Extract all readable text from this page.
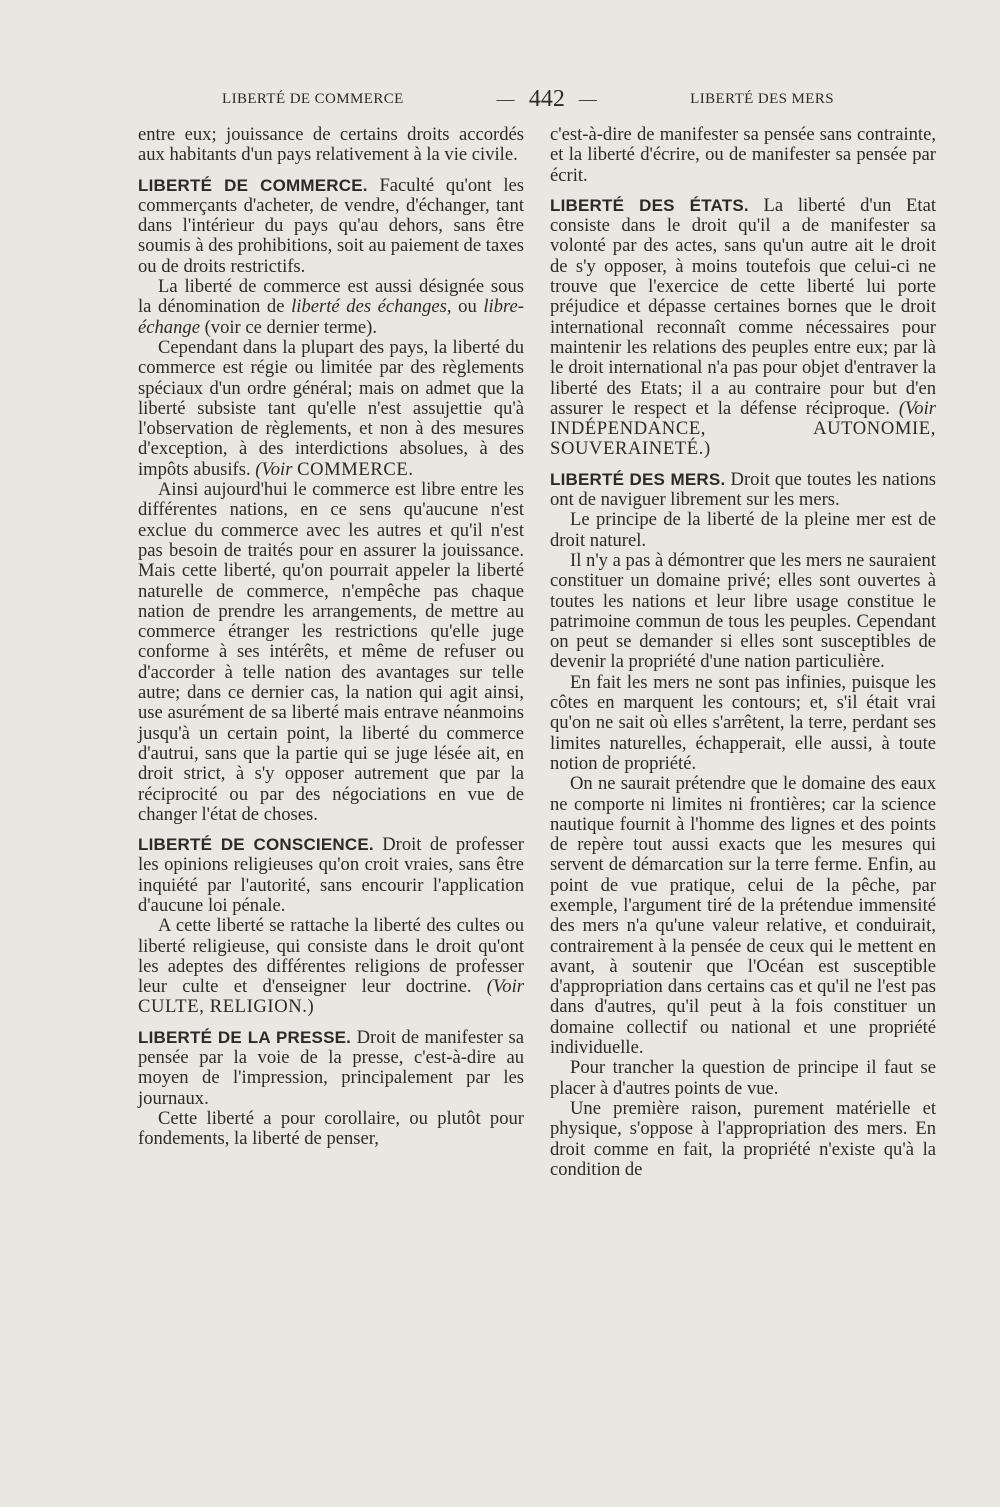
LIBERTÉ DE COMMERCE	— 442 —	LIBERTÉ DES MERS

entre eux; jouissance de certains droits accordés aux habitants d'un pays relativement à la vie civile.

LIBERTÉ DE COMMERCE. Faculté qu'ont les commerçants d'acheter, de vendre, d'échanger, tant dans l'intérieur du pays qu'au dehors, sans être soumis à des prohibitions, soit au paiement de taxes ou de droits restrictifs.

La liberté de commerce est aussi désignée sous la dénomination de liberté des échanges, ou libre-échange (voir ce dernier terme).

Cependant dans la plupart des pays, la liberté du commerce est régie ou limitée par des règlements spéciaux d'un ordre général; mais on admet que la liberté subsiste tant qu'elle n'est assujettie qu'à l'observation de règlements, et non à des mesures d'exception, à des interdictions absolues, à des impôts abusifs. (Voir COMMERCE.

Ainsi aujourd'hui le commerce est libre entre les différentes nations, en ce sens qu'aucune n'est exclue du commerce avec les autres et qu'il n'est pas besoin de traités pour en assurer la jouissance. Mais cette liberté, qu'on pourrait appeler la liberté naturelle de commerce, n'empêche pas chaque nation de prendre les arrangements, de mettre au commerce étranger les restrictions qu'elle juge conforme à ses intérêts, et même de refuser ou d'accorder à telle nation des avantages sur telle autre; dans ce dernier cas, la nation qui agit ainsi, use asurément de sa liberté mais entrave néanmoins jusqu'à un certain point, la liberté du commerce d'autrui, sans que la partie qui se juge lésée ait, en droit strict, à s'y opposer autrement que par la réciprocité ou par des négociations en vue de changer l'état de choses.

LIBERTÉ DE CONSCIENCE. Droit de professer les opinions religieuses qu'on croit vraies, sans être inquiété par l'autorité, sans encourir l'application d'aucune loi pénale.

A cette liberté se rattache la liberté des cultes ou liberté religieuse, qui consiste dans le droit qu'ont les adeptes des différentes religions de professer leur culte et d'enseigner leur doctrine. (Voir CULTE, RELIGION.)

LIBERTÉ DE LA PRESSE. Droit de manifester sa pensée par la voie de la presse, c'est-à-dire au moyen de l'impression, principalement par les journaux.

Cette liberté a pour corollaire, ou plutôt pour fondements, la liberté de penser,

c'est-à-dire de manifester sa pensée sans contrainte, et la liberté d'écrire, ou de manifester sa pensée par écrit.

LIBERTÉ DES ÉTATS. La liberté d'un Etat consiste dans le droit qu'il a de manifester sa volonté par des actes, sans qu'un autre ait le droit de s'y opposer, à moins toutefois que celui-ci ne trouve que l'exercice de cette liberté lui porte préjudice et dépasse certaines bornes que le droit international reconnaît comme nécessaires pour maintenir les relations des peuples entre eux; par là le droit international n'a pas pour objet d'entraver la liberté des Etats; il a au contraire pour but d'en assurer le respect et la défense réciproque. (Voir INDÉPENDANCE, AUTONOMIE, SOUVERAINETÉ.)

LIBERTÉ DES MERS. Droit que toutes les nations ont de naviguer librement sur les mers.

Le principe de la liberté de la pleine mer est de droit naturel.

Il n'y a pas à démontrer que les mers ne sauraient constituer un domaine privé; elles sont ouvertes à toutes les nations et leur libre usage constitue le patrimoine commun de tous les peuples. Cependant on peut se demander si elles sont susceptibles de devenir la propriété d'une nation particulière.

En fait les mers ne sont pas infinies, puisque les côtes en marquent les contours; et, s'il était vrai qu'on ne sait où elles s'arrêtent, la terre, perdant ses limites naturelles, échapperait, elle aussi, à toute notion de propriété.

On ne saurait prétendre que le domaine des eaux ne comporte ni limites ni frontières; car la science nautique fournit à l'homme des lignes et des points de repère tout aussi exacts que les mesures qui servent de démarcation sur la terre ferme. Enfin, au point de vue pratique, celui de la pêche, par exemple, l'argument tiré de la prétendue immensité des mers n'a qu'une valeur relative, et conduirait, contrairement à la pensée de ceux qui le mettent en avant, à soutenir que l'Océan est susceptible d'appropriation dans certains cas et qu'il ne l'est pas dans d'autres, qu'il peut à la fois constituer un domaine collectif ou national et une propriété individuelle.

Pour trancher la question de principe il faut se placer à d'autres points de vue.

Une première raison, purement matérielle et physique, s'oppose à l'appropriation des mers. En droit comme en fait, la propriété n'existe qu'à la condition de
